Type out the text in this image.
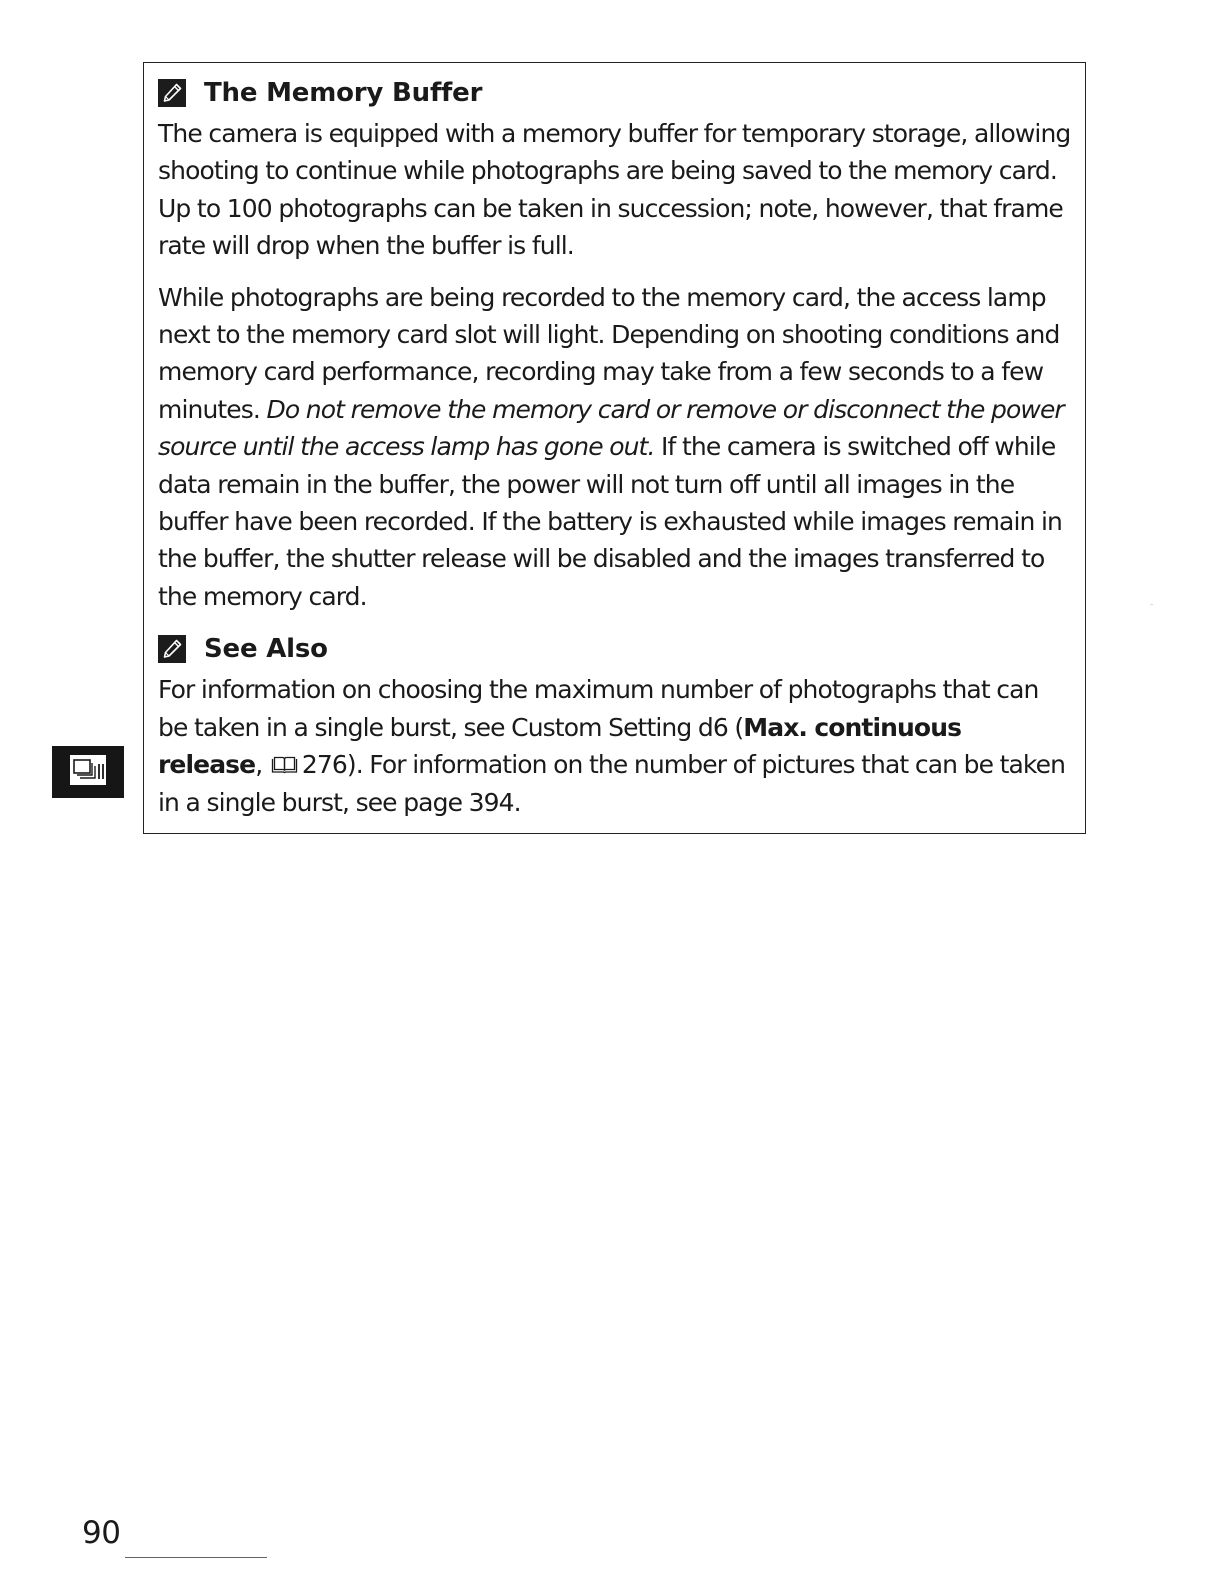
The Memory Buffer

The camera is equipped with a memory buffer for temporary storage, allowing shooting to continue while photographs are being saved to the memory card. Up to 100 photographs can be taken in succession; note, however, that frame rate will drop when the buffer is full.

While photographs are being recorded to the memory card, the access lamp next to the memory card slot will light. Depending on shooting conditions and memory card performance, recording may take from a few seconds to a few minutes. Do not remove the memory card or remove or disconnect the power source until the access lamp has gone out. If the camera is switched off while data remain in the buffer, the power will not turn off until all images in the buffer have been recorded. If the battery is exhausted while images remain in the buffer, the shutter release will be disabled and the images transferred to the memory card.

See Also

For information on choosing the maximum number of photographs that can be taken in a single burst, see Custom Setting d6 (Max. continuous release, 276). For information on the number of pictures that can be taken in a single burst, see page 394.

90
